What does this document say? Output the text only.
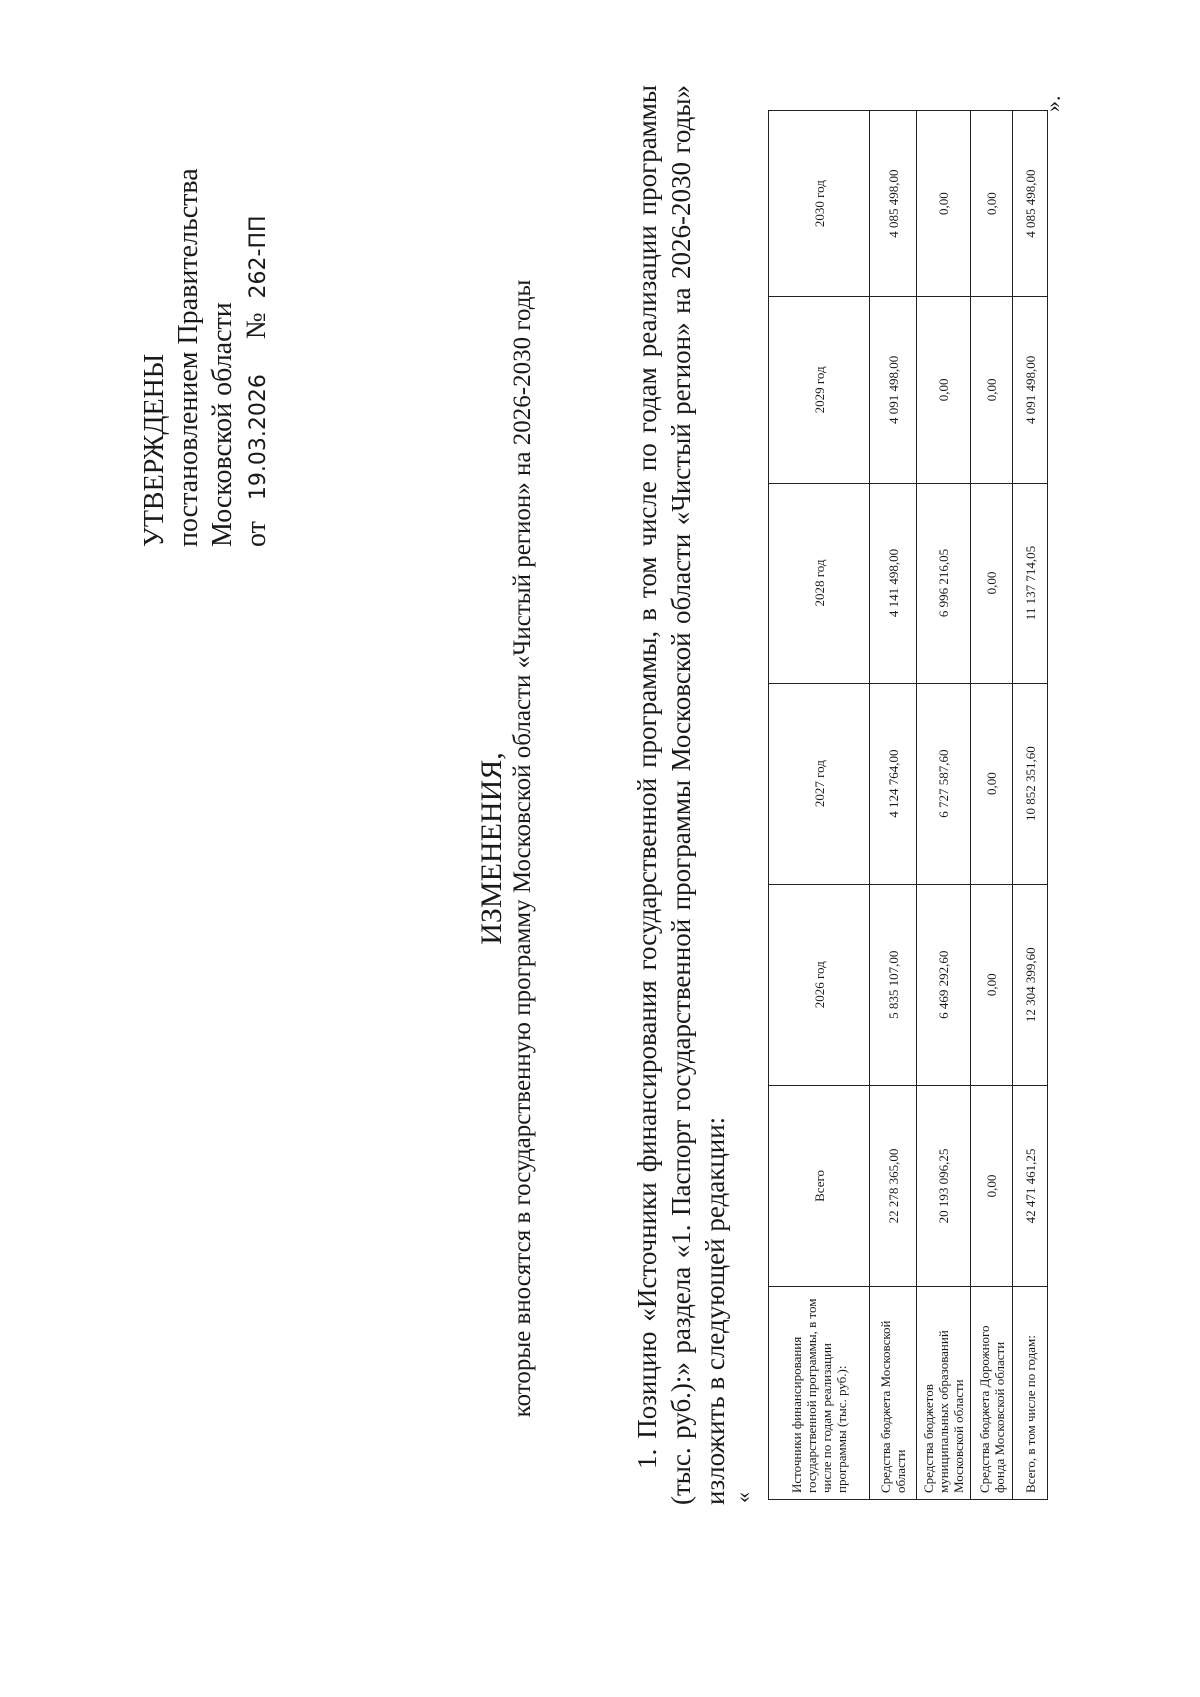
УТВЕРЖДЕНЫ постановлением Правительства Московской области от   19.03.2026     №  262-ПП
ИЗМЕНЕНИЯ, которые вносятся в государственную программу Московской области «Чистый регион» на 2026-2030 годы	1. Позицию «Источники финансирования государственной программы, в том числе по годам реализации программы (тыс. руб.):» раздела «1. Паспорт государственной программы Московской области «Чистый регион» на 2026-2030 годы» изложить в следующей редакции: «
Источники финансирования государственной программы, в том числе по годам реализации программы (тыс. руб.):	Всего	2026 год	2027 год	2028 год	2029 год	2030 год
Средства бюджета Московской области	22 278 365,00	5 835 107,00	4 124 764,00	4 141 498,00	4 091 498,00	4 085 498,00
Средства бюджетов муниципальных образований Московской области	20 193 096,25	6 469 292,60	6 727 587,60	6 996 216,05	0,00	0,00
Средства бюджета Дорожного фонда Московской области	0,00	0,00	0,00	0,00	0,00	0,00
Всего, в том числе по годам:	42 471 461,25	12 304 399,60	10 852 351,60	11 137 714,05	4 091 498,00	4 085 498,00
».
